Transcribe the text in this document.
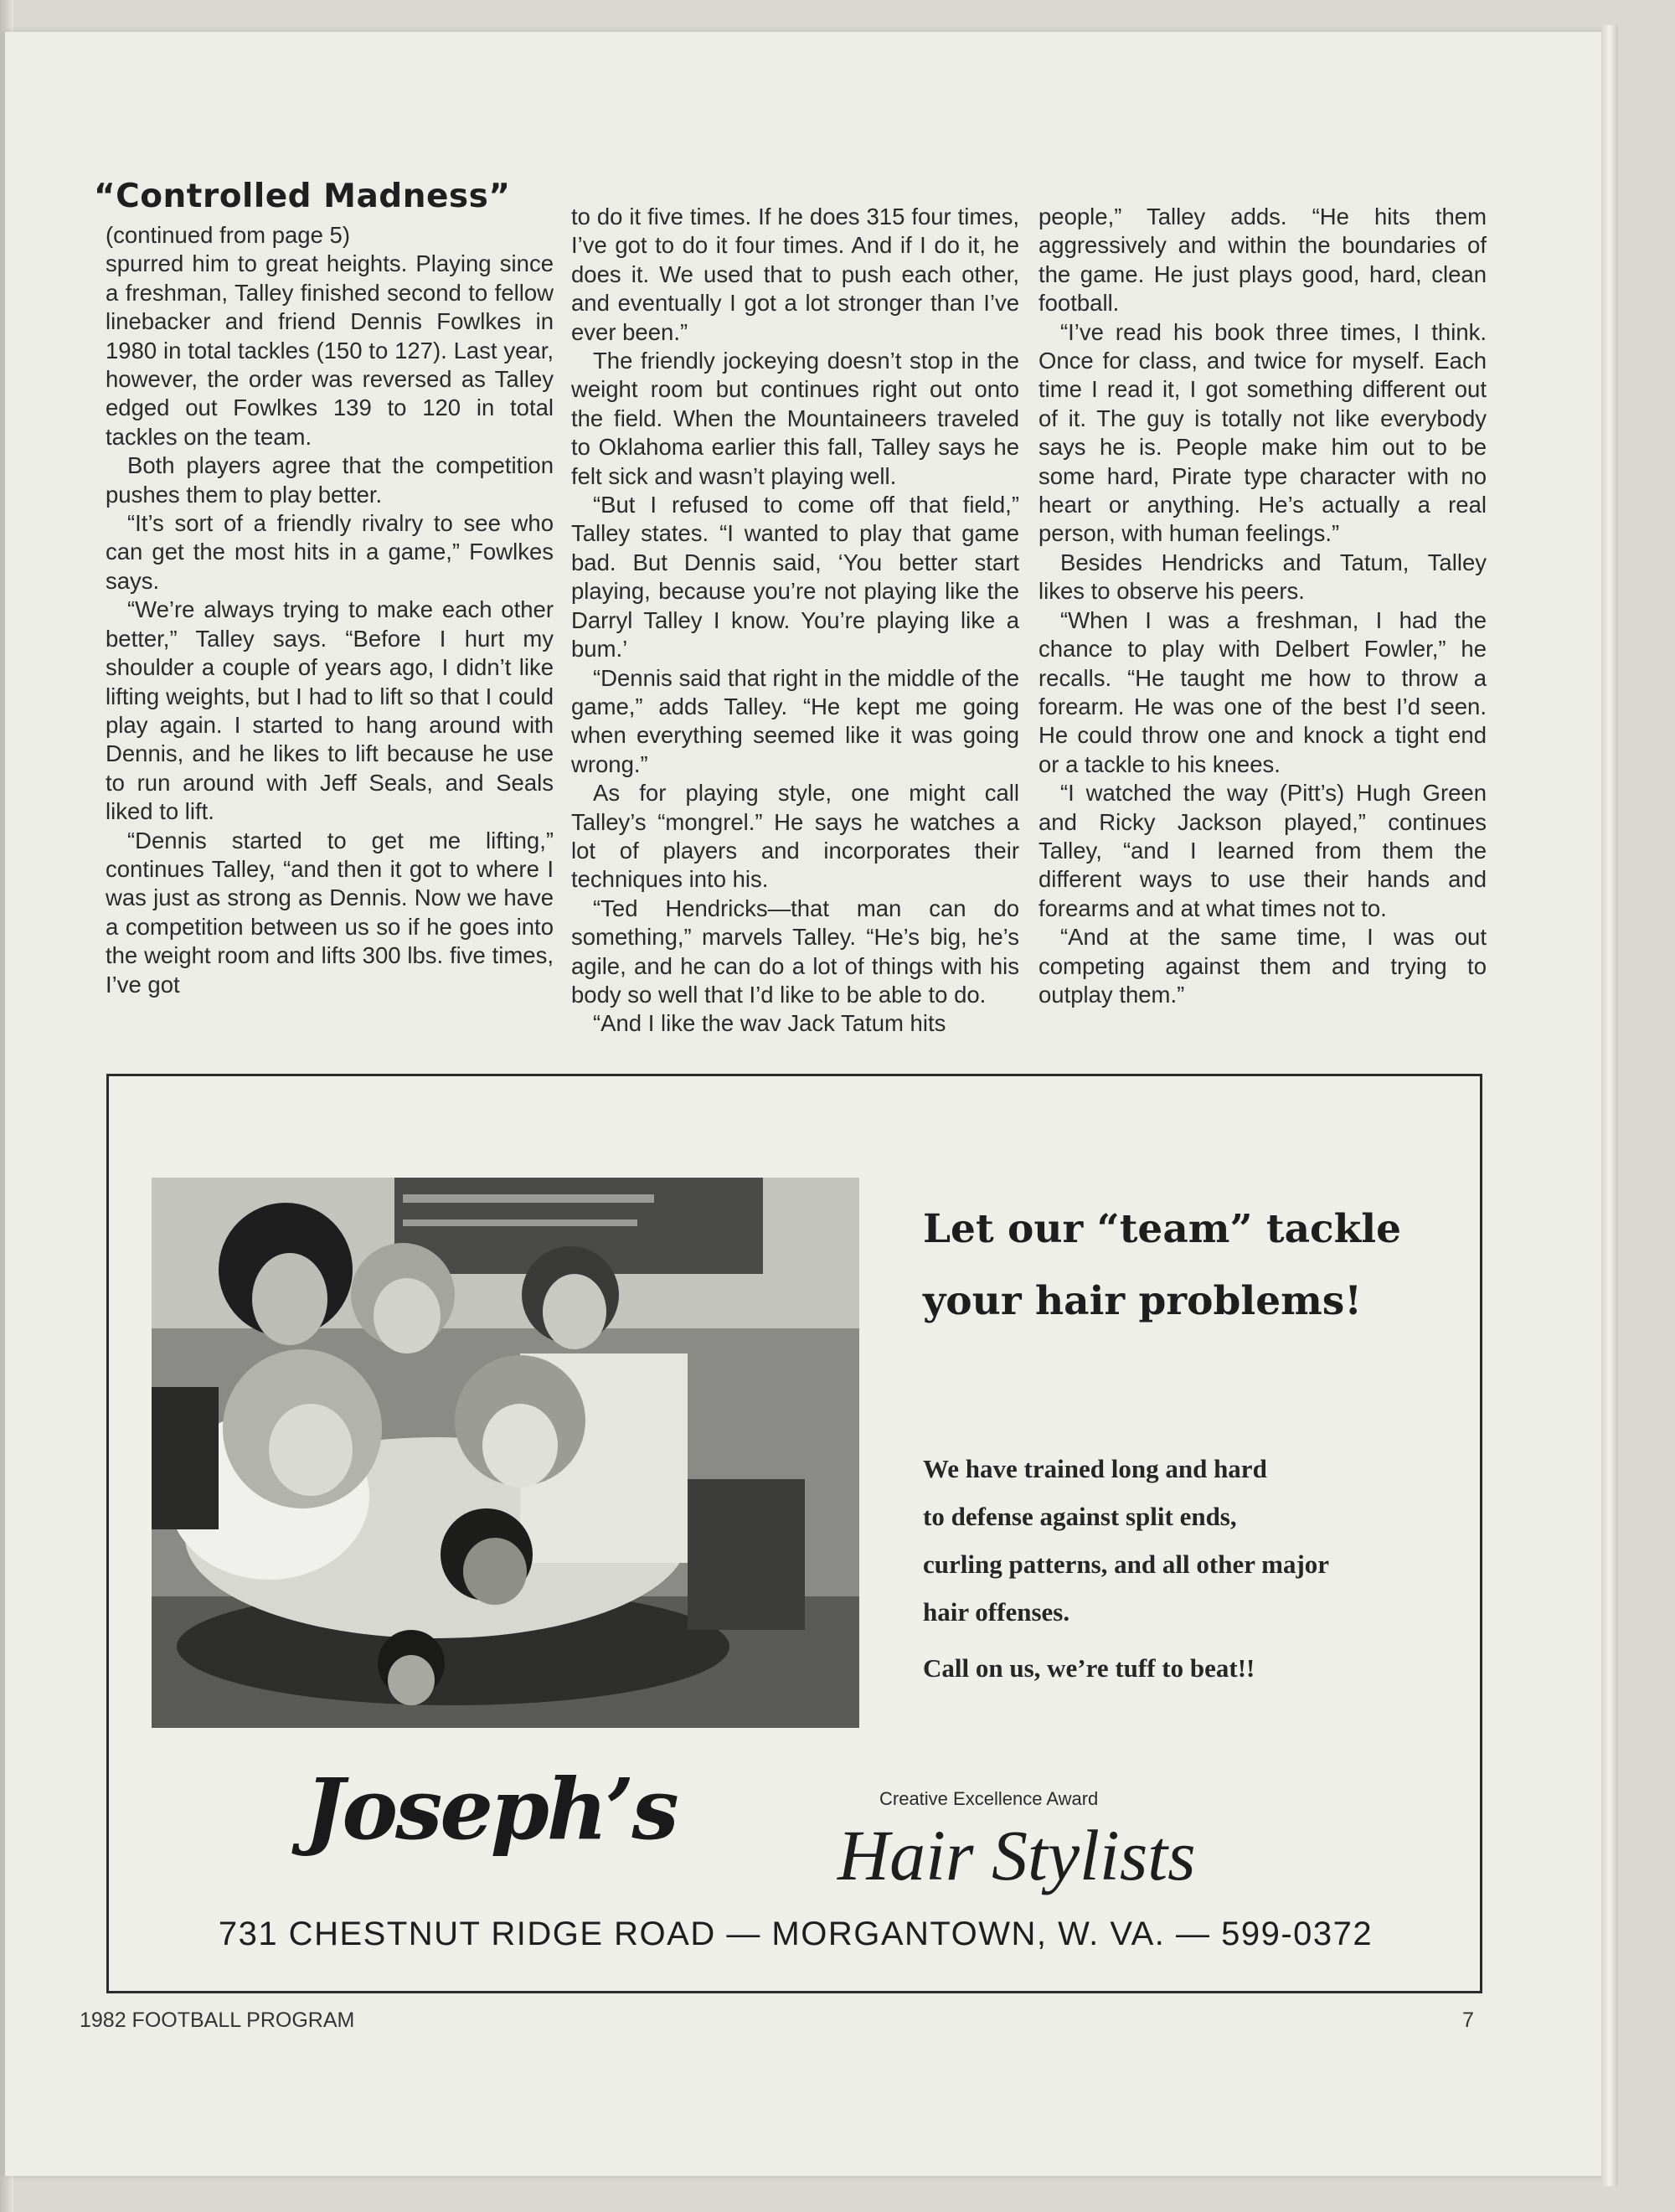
“Controlled Madness”

(continued from page 5)

spurred him to great heights. Playing since a freshman, Talley finished second to fellow linebacker and friend Dennis Fowlkes in 1980 in total tackles (150 to 127). Last year, however, the order was reversed as Talley edged out Fowlkes 139 to 120 in total tackles on the team.

Both players agree that the competition pushes them to play better.

“It’s sort of a friendly rivalry to see who can get the most hits in a game,” Fowlkes says.

“We’re always trying to make each other better,” Talley says. “Before I hurt my shoulder a couple of years ago, I didn’t like lifting weights, but I had to lift so that I could play again. I started to hang around with Dennis, and he likes to lift because he use to run around with Jeff Seals, and Seals liked to lift.

“Dennis started to get me lifting,” continues Talley, “and then it got to where I was just as strong as Dennis. Now we have a competition between us so if he goes into the weight room and lifts 300 lbs. five times, I’ve got

to do it five times. If he does 315 four times, I’ve got to do it four times. And if I do it, he does it. We used that to push each other, and eventually I got a lot stronger than I’ve ever been.”

The friendly jockeying doesn’t stop in the weight room but continues right out onto the field. When the Mountaineers traveled to Oklahoma earlier this fall, Talley says he felt sick and wasn’t playing well.

“But I refused to come off that field,” Talley states. “I wanted to play that game bad. But Dennis said, ‘You better start playing, because you’re not playing like the Darryl Talley I know. You’re playing like a bum.’

“Dennis said that right in the middle of the game,” adds Talley. “He kept me going when everything seemed like it was going wrong.”

As for playing style, one might call Talley’s “mongrel.” He says he watches a lot of players and incorporates their techniques into his.

“Ted Hendricks—that man can do something,” marvels Talley. “He’s big, he’s agile, and he can do a lot of things with his body so well that I’d like to be able to do.

“And I like the wav Jack Tatum hits

people,” Talley adds. “He hits them aggressively and within the boundaries of the game. He just plays good, hard, clean football.

“I’ve read his book three times, I think. Once for class, and twice for myself. Each time I read it, I got something different out of it. The guy is totally not like everybody says he is. People make him out to be some hard, Pirate type character with no heart or anything. He’s actually a real person, with human feelings.”

Besides Hendricks and Tatum, Talley likes to observe his peers.

“When I was a freshman, I had the chance to play with Delbert Fowler,” he recalls. “He taught me how to throw a forearm. He was one of the best I’d seen. He could throw one and knock a tight end or a tackle to his knees.

“I watched the way (Pitt’s) Hugh Green and Ricky Jackson played,” continues Talley, “and I learned from them the different ways to use their hands and forearms and at what times not to.

“And at the same time, I was out competing against them and trying to outplay them.”

Let our “team” tackle your hair problems!

We have trained long and hard

to defense against split ends,

curling patterns, and all other major

hair offenses.

Call on us, we’re tuff to beat!!

Joseph’s	Creative Excellence Award
Hair Stylists
731 CHESTNUT RIDGE ROAD — MORGANTOWN, W. VA. — 599-0372
1982 FOOTBALL PROGRAM	7
